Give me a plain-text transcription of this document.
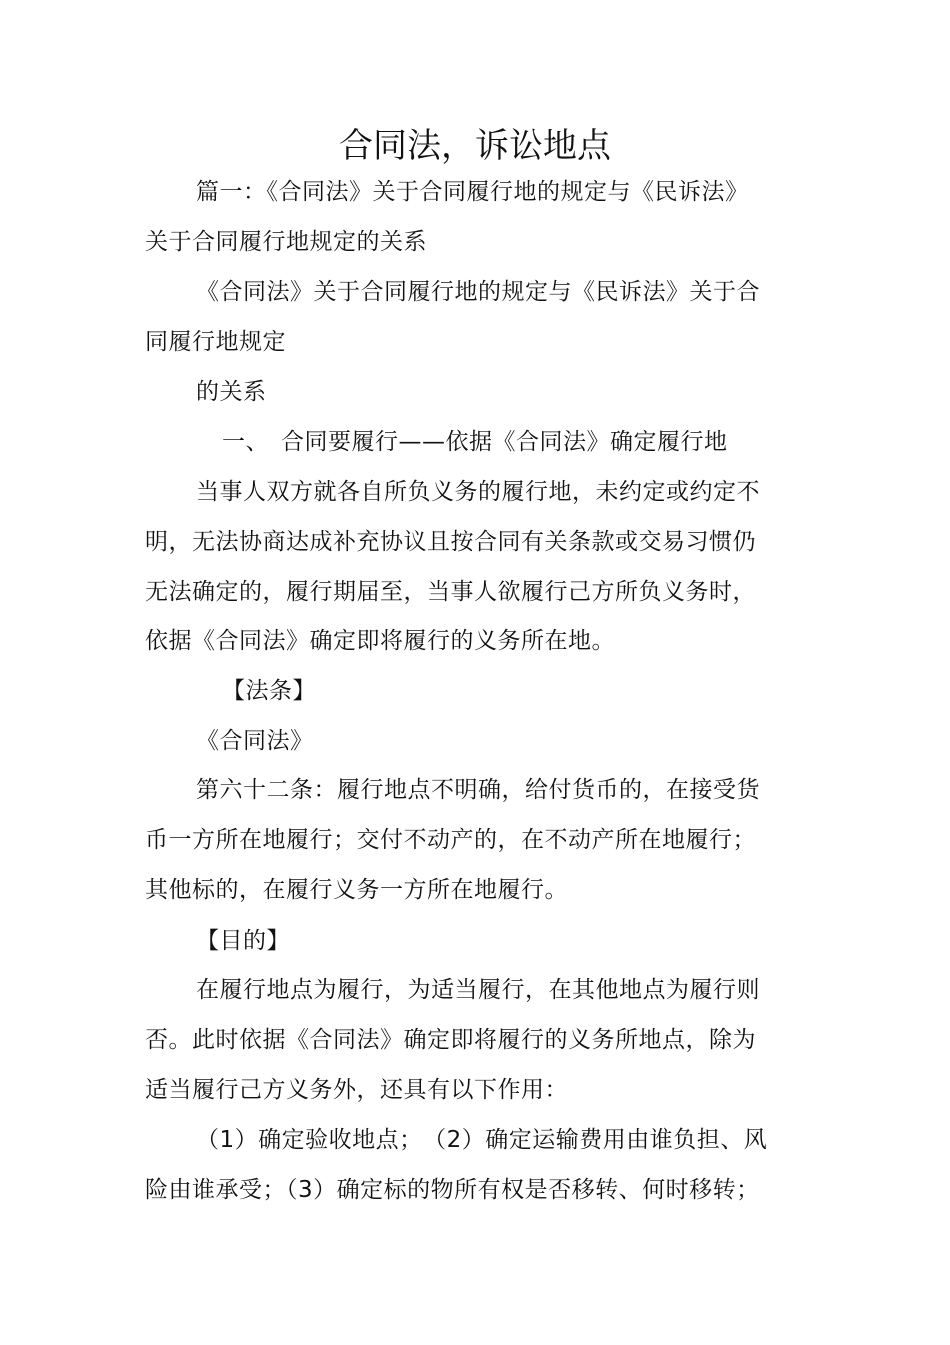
合同法，诉讼地点
篇一：《合同法》关于合同履行地的规定与《民诉法》
关于合同履行地规定的关系
《合同法》关于合同履行地的规定与《民诉法》关于合
同履行地规定
的关系
一、　合同要履行——依据《合同法》确定履行地
当事人双方就各自所负义务的履行地，未约定或约定不
明，无法协商达成补充协议且按合同有关条款或交易习惯仍
无法确定的，履行期届至，当事人欲履行己方所负义务时，
依据《合同法》确定即将履行的义务所在地。
【法条】
《合同法》
第六十二条：履行地点不明确，给付货币的，在接受货
币一方所在地履行；交付不动产的，在不动产所在地履行；
其他标的，在履行义务一方所在地履行。
【目的】
在履行地点为履行，为适当履行，在其他地点为履行则
否。此时依据《合同法》确定即将履行的义务所地点，除为
适当履行己方义务外，还具有以下作用：
（1）确定验收地点；　（2）确定运输费用由谁负担、风
险由谁承受；（3）确定标的物所有权是否移转、何时移转；
